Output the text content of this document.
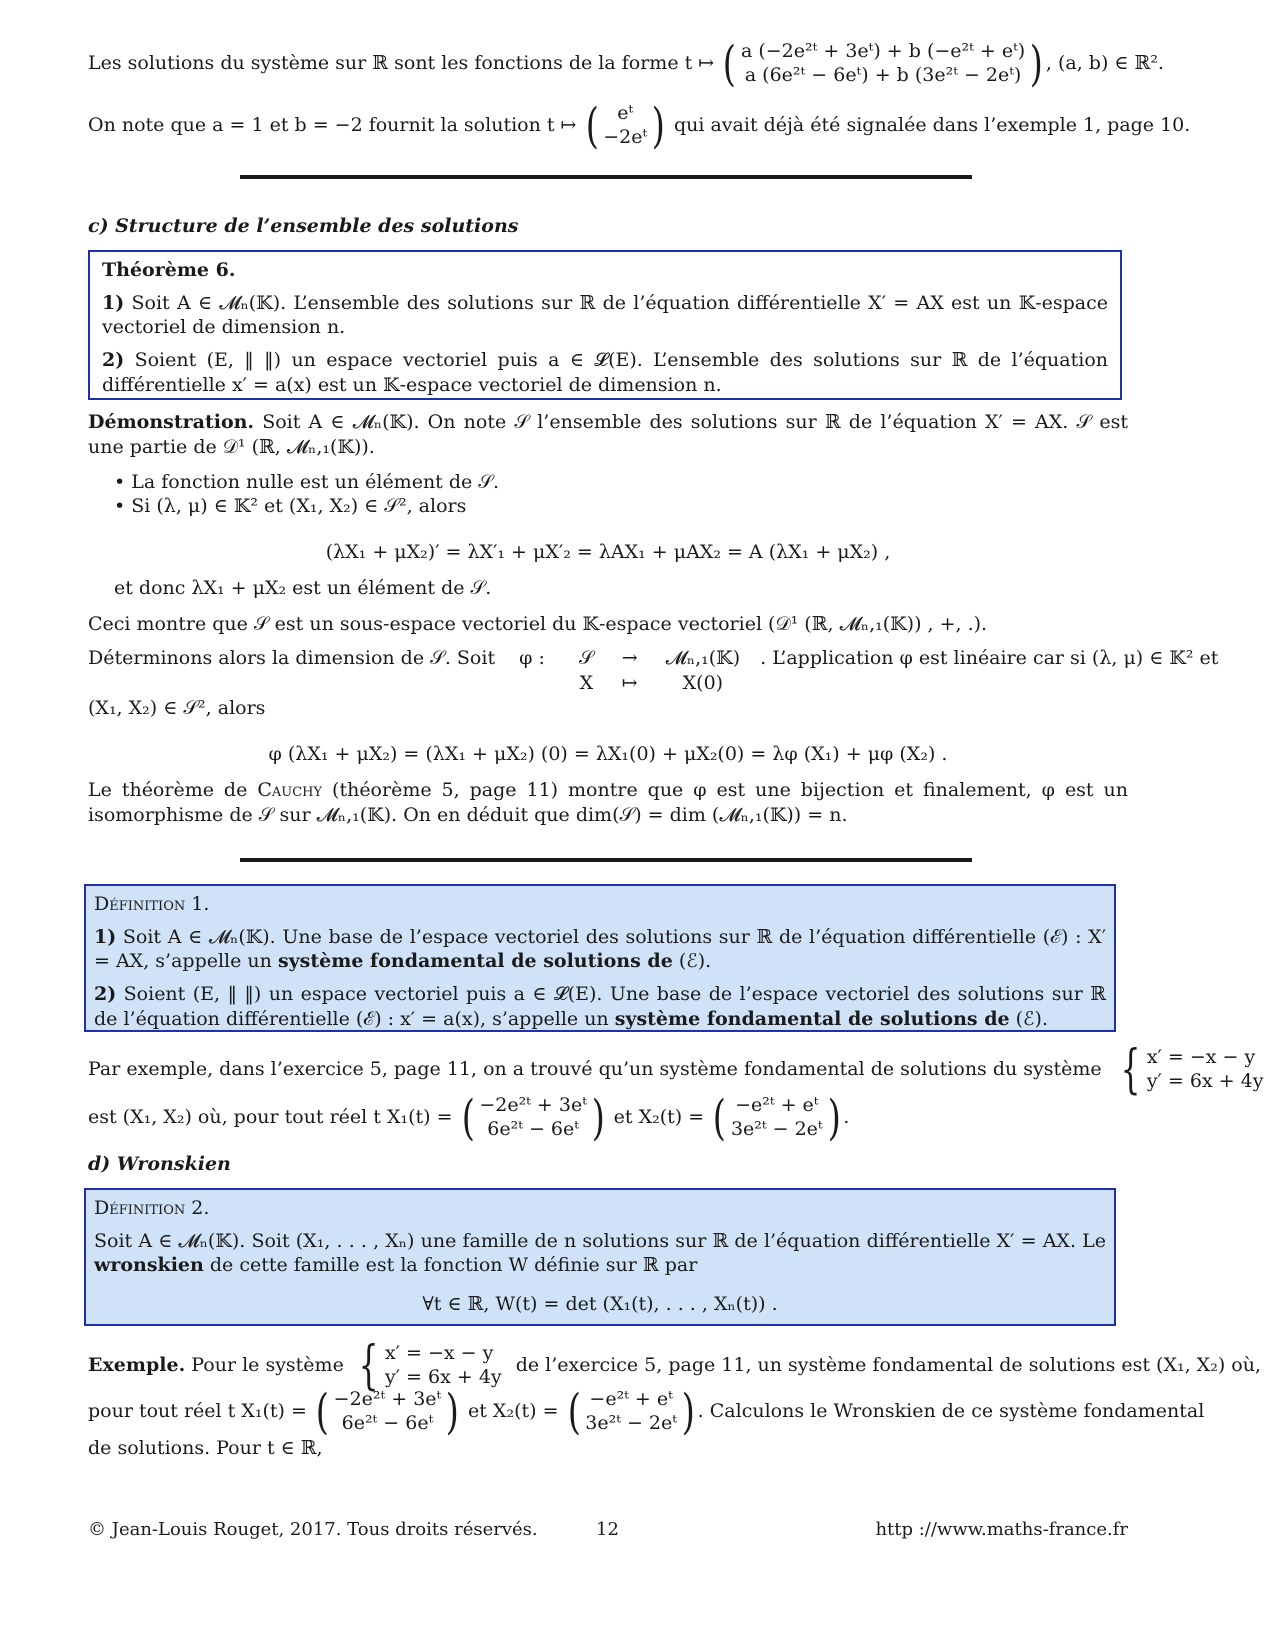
Les solutions du système sur ℝ sont les fonctions de la forme t ↦ ( a (−2e²ᵗ + 3eᵗ) + b (−e²ᵗ + eᵗ)
a (6e²ᵗ − 6eᵗ) + b (3e²ᵗ − 2eᵗ) ) , (a, b) ∈ ℝ².
On note que a = 1 et b = −2 fournit la solution t ↦ ( eᵗ
−2eᵗ ) qui avait déjà été signalée dans l’exemple 1, page 10.
c) Structure de l’ensemble des solutions
Théorème 6.

1) Soit A ∈ 𝓜ₙ(𝕂). L’ensemble des solutions sur ℝ de l’équation différentielle X′ = AX est un 𝕂-espace vectoriel de dimension n.

2) Soient (E, ‖ ‖) un espace vectoriel puis a ∈ 𝓛(E). L’ensemble des solutions sur ℝ de l’équation différentielle x′ = a(x) est un 𝕂-espace vectoriel de dimension n.

Démonstration. Soit A ∈ 𝓜ₙ(𝕂). On note 𝒮 l’ensemble des solutions sur ℝ de l’équation X′ = AX. 𝒮 est une partie de 𝒟¹ (ℝ, 𝓜ₙ,₁(𝕂)).

• La fonction nulle est un élément de 𝒮.
• Si (λ, μ) ∈ 𝕂² et (X₁, X₂) ∈ 𝒮², alors
(λX₁ + μX₂)′ = λX′₁ + μX′₂ = λAX₁ + μAX₂ = A (λX₁ + μX₂) ,
et donc λX₁ + μX₂ est un élément de 𝒮.
Ceci montre que 𝒮 est un sous-espace vectoriel du 𝕂-espace vectoriel (𝒟¹ (ℝ, 𝓜ₙ,₁(𝕂)) , +, .).
Déterminons alors la dimension de 𝒮. Soit φ : 𝒮	→	𝓜ₙ,₁(𝕂)
X	↦	X(0) . L’application φ est linéaire car si (λ, μ) ∈ 𝕂² et
(X₁, X₂) ∈ 𝒮², alors
φ (λX₁ + μX₂) = (λX₁ + μX₂) (0) = λX₁(0) + μX₂(0) = λφ (X₁) + μφ (X₂) .

Le théorème de Cauchy (théorème 5, page 11) montre que φ est une bijection et finalement, φ est un isomorphisme de 𝒮 sur 𝓜ₙ,₁(𝕂). On en déduit que dim(𝒮) = dim (𝓜ₙ,₁(𝕂)) = n.

Définition 1.

1) Soit A ∈ 𝓜ₙ(𝕂). Une base de l’espace vectoriel des solutions sur ℝ de l’équation différentielle (ℰ) : X′ = AX, s’appelle un système fondamental de solutions de (ℰ).

2) Soient (E, ‖ ‖) un espace vectoriel puis a ∈ 𝓛(E). Une base de l’espace vectoriel des solutions sur ℝ de l’équation différentielle (ℰ) : x′ = a(x), s’appelle un système fondamental de solutions de (ℰ).

Par exemple, dans l’exercice 5, page 11, on a trouvé qu’un système fondamental de solutions du système { x′ = −x − y
y′ = 6x + 4y
est (X₁, X₂) où, pour tout réel t X₁(t) = ( −2e²ᵗ + 3eᵗ
6e²ᵗ − 6eᵗ ) et X₂(t) = ( −e²ᵗ + eᵗ
3e²ᵗ − 2eᵗ ) .
d) Wronskien
Définition 2.

Soit A ∈ 𝓜ₙ(𝕂). Soit (X₁, . . . , Xₙ) une famille de n solutions sur ℝ de l’équation différentielle X′ = AX. Le wronskien de cette famille est la fonction W définie sur ℝ par

∀t ∈ ℝ, W(t) = det (X₁(t), . . . , Xₙ(t)) .
Exemple. Pour le système { x′ = −x − y
y′ = 6x + 4y
de l’exercice 5, page 11, un système fondamental de solutions est (X₁, X₂) où,
pour tout réel t X₁(t) = ( −2e²ᵗ + 3eᵗ
6e²ᵗ − 6eᵗ ) et X₂(t) = ( −e²ᵗ + eᵗ
3e²ᵗ − 2eᵗ ) . Calculons le Wronskien de ce système fondamental
de solutions. Pour t ∈ ℝ,
© Jean-Louis Rouget, 2017. Tous droits réservés.	12	http ://www.maths-france.fr
